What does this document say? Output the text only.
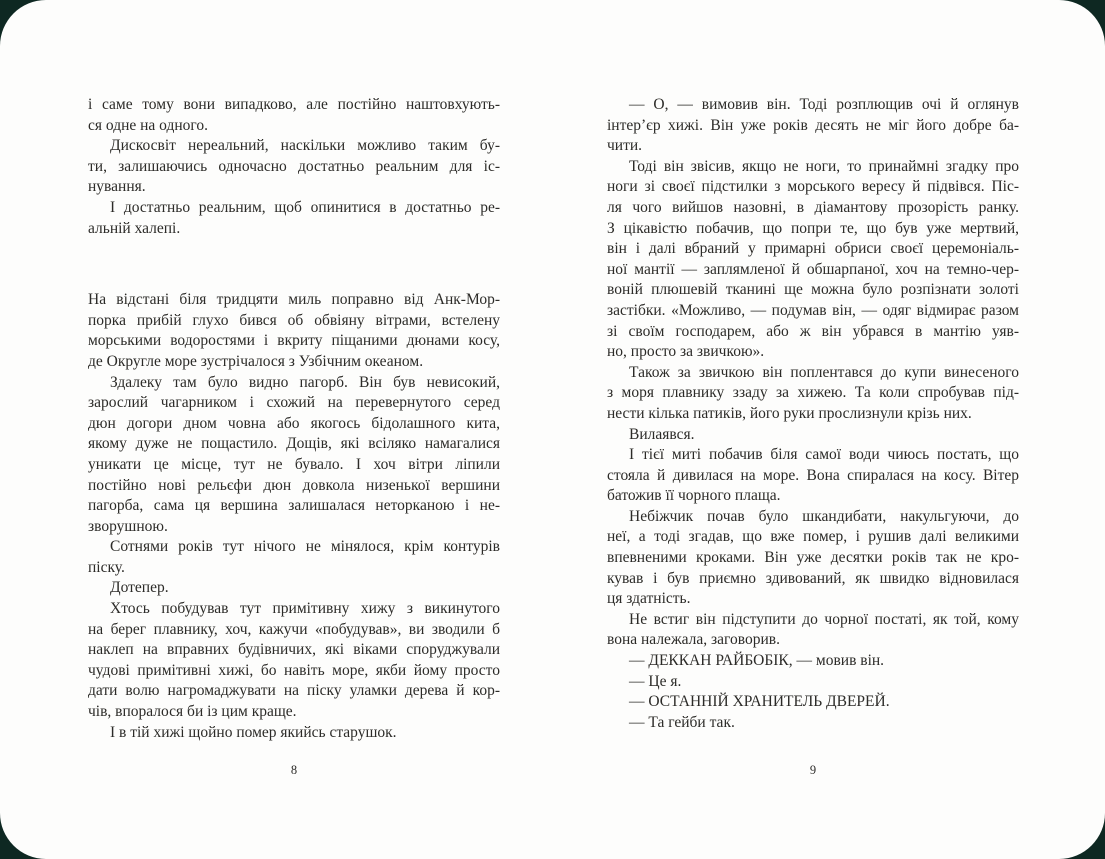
і саме тому вони випадково, але постійно наштовхують-
ся одне на одного.
Дискосвіт нереальний, наскільки можливо таким бу-
ти, залишаючись одночасно достатньо реальним для іс-
нування.
І достатньо реальним, щоб опинитися в достатньо ре-
альній халепі.
На відстані біля тридцяти миль поправно від Анк-Мор-
порка прибій глухо бився об обвіяну вітрами, встелену
морськими водоростями і вкриту піщаними дюнами косу,
де Округле море зустрічалося з Узбічним океаном.
Здалеку там було видно пагорб. Він був невисокий,
зарослий чагарником і схожий на перевернутого серед
дюн догори дном човна або якогось бідолашного кита,
якому дуже не пощастило. Дощів, які всіляко намагалися
уникати це місце, тут не бувало. І хоч вітри ліпили
постійно нові рельєфи дюн довкола низенької вершини
пагорба, сама ця вершина залишалася неторканою і не-
зворушною.
Сотнями років тут нічого не мінялося, крім контурів
піску.
Дотепер.
Хтось побудував тут примітивну хижу з викинутого
на берег плавнику, хоч, кажучи «побудував», ви зводили б
наклеп на вправних будівничих, які віками споруджували
чудові примітивні хижі, бо навіть море, якби йому просто
дати волю нагромаджувати на піску уламки дерева й кор-
чів, впоралося би із цим краще.
І в тій хижі щойно помер якийсь старушок.
— О, — вимовив він. Тоді розплющив очі й оглянув
інтер’єр хижі. Він уже років десять не міг його добре ба-
чити.
Тоді він звісив, якщо не ноги, то принаймні згадку про
ноги зі своєї підстилки з морського вересу й підвівся. Піс-
ля чого вийшов назовні, в діамантову прозорість ранку.
З цікавістю побачив, що попри те, що був уже мертвий,
він і далі вбраний у примарні обриси своєї церемоніаль-
ної мантії — заплямленої й обшарпаної, хоч на темно-чер-
воній плюшевій тканині ще можна було розпізнати золоті
застібки. «Можливо, — подумав він, — одяг відмирає разом
зі своїм господарем, або ж він убрався в мантію уяв-
но, просто за звичкою».
Також за звичкою він поплентався до купи винесеного
з моря плавнику ззаду за хижею. Та коли спробував під-
нести кілька патиків, його руки прослизнули крізь них.
Вилаявся.
І тієї миті побачив біля самої води чиюсь постать, що
стояла й дивилася на море. Вона спиралася на косу. Вітер
батожив її чорного плаща.
Небіжчик почав було шкандибати, накульгуючи, до
неї, а тоді згадав, що вже помер, і рушив далі великими
впевненими кроками. Він уже десятки років так не кро-
кував і був приємно здивований, як швидко відновилася
ця здатність.
Не встиг він підступити до чорної постаті, як той, кому
вона належала, заговорив.
— ДЕККАН РАЙБОБІК, — мовив він.
— Це я.
— ОСТАННІЙ ХРАНИТЕЛЬ ДВЕРЕЙ.
— Та гейби так.
8	9
